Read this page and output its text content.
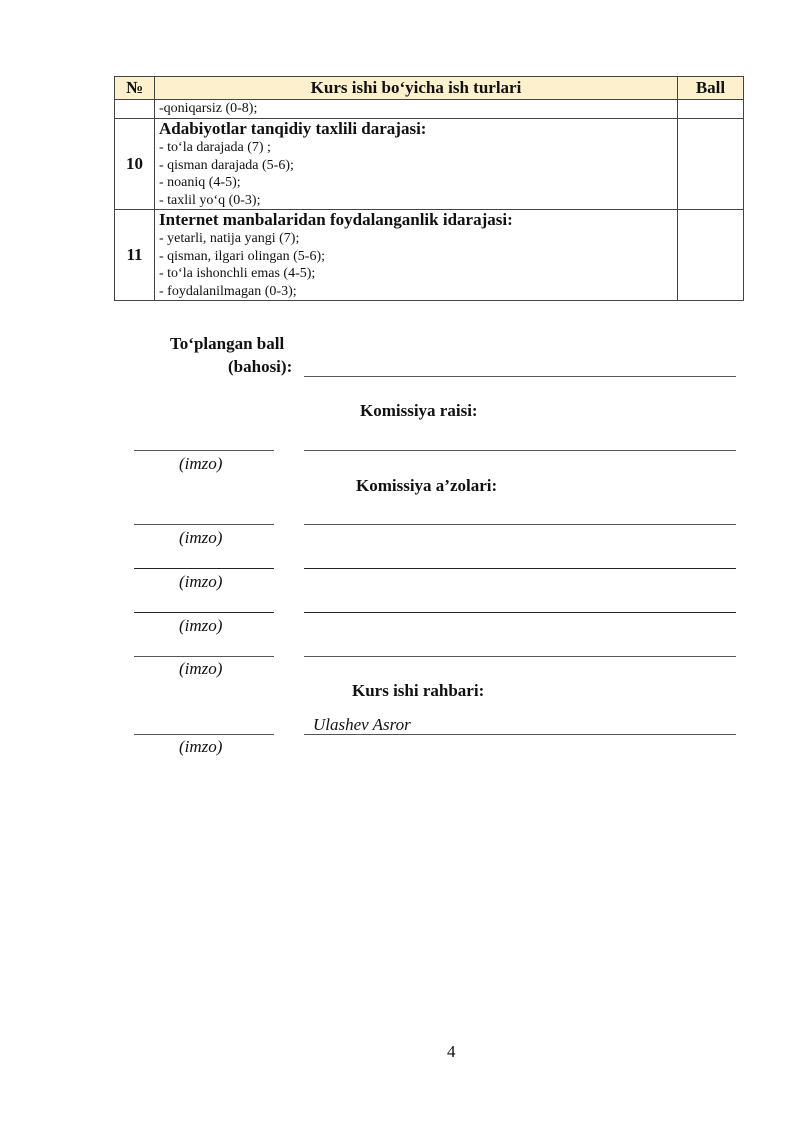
№	Kurs ishi bo‘yicha ish turlari	Ball
	-qoniqarsiz (0-8);	
10	Adabiyotlar tanqidiy taxlili darajasi:
- to‘la darajada (7) ;
- qisman darajada (5-6);
- noaniq (4-5);
- taxlil yo‘q (0-3);	

11	Internet manbalaridan foydalanganlik idarajasi:
- yetarli, natija yangi (7);
- qisman, ilgari olingan (5-6);
- to‘la ishonchli emas (4-5);
- foydalanilmagan (0-3);	

To‘plangan ball
(bahosi):
Komissiya raisi:
(imzo)
Komissiya a’zolari:
(imzo)
(imzo)
(imzo)
(imzo)
Kurs ishi rahbari:
Ulashev Asror
(imzo)
4
